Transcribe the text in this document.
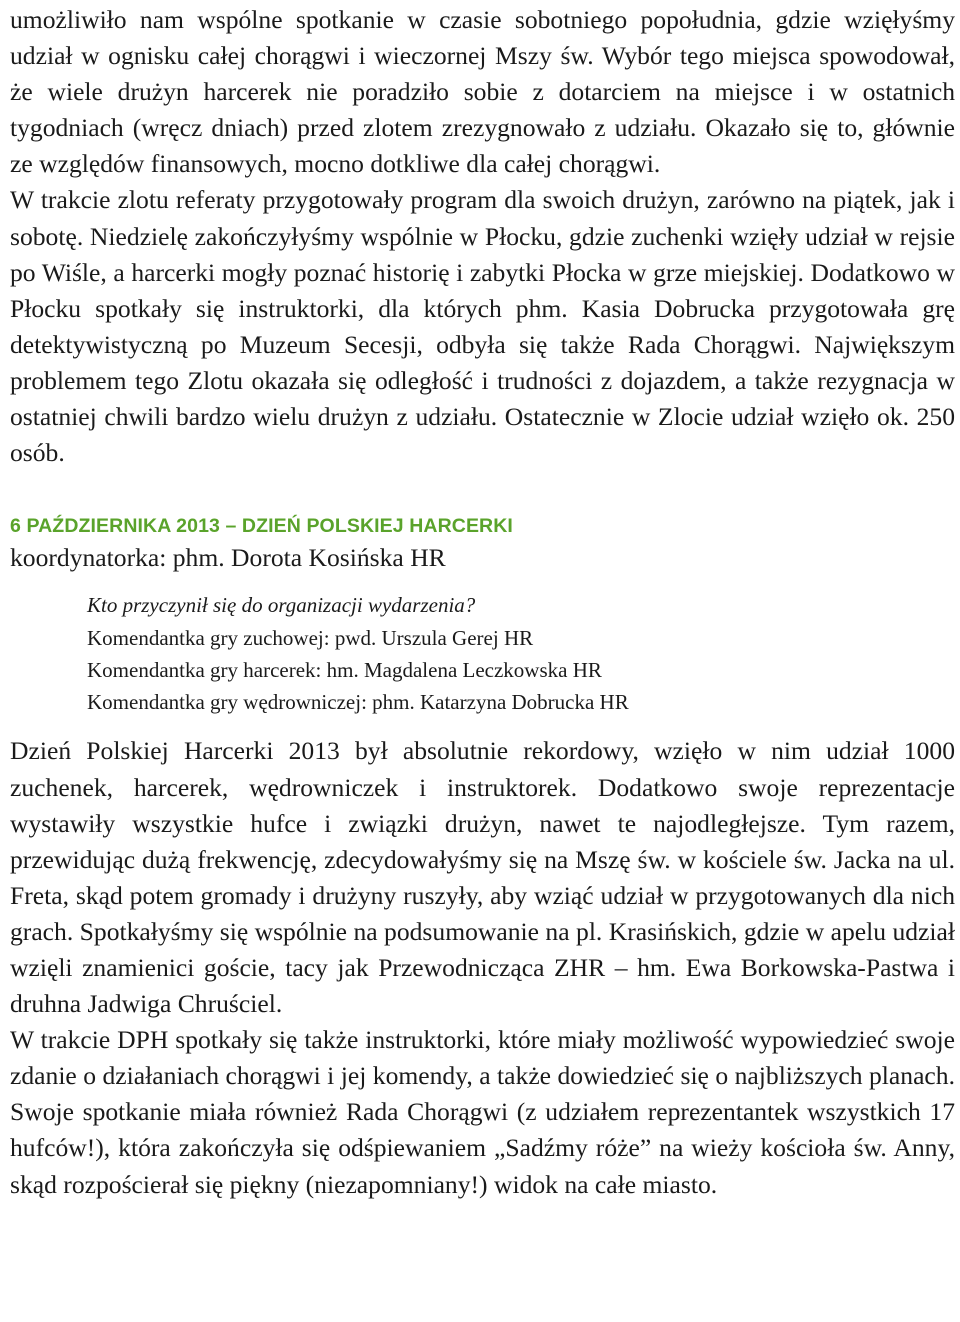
umożliwiło nam wspólne spotkanie w czasie sobotniego popołudnia, gdzie wzięłyśmy udział w ognisku całej chorągwi i wieczornej Mszy św. Wybór tego miejsca spowodował, że wiele drużyn harcerek nie poradziło sobie z dotarciem na miejsce i w ostatnich tygodniach (wręcz dniach) przed zlotem zrezygnowało z udziału. Okazało się to, głównie ze względów finansowych, mocno dotkliwe dla całej chorągwi.

W trakcie zlotu referaty przygotowały program dla swoich drużyn, zarówno na piątek, jak i sobotę. Niedzielę zakończyłyśmy wspólnie w Płocku, gdzie zuchenki wzięły udział w rejsie po Wiśle, a harcerki mogły poznać historię i zabytki Płocka w grze miejskiej. Dodatkowo w Płocku spotkały się instruktorki, dla których phm. Kasia Dobrucka przygotowała grę detektywistyczną po Muzeum Secesji, odbyła się także Rada Chorągwi. Największym problemem tego Zlotu okazała się odległość i trudności z dojazdem, a także rezygnacja w ostatniej chwili bardzo wielu drużyn z udziału. Ostatecznie w Zlocie udział wzięło ok. 250 osób.

6 PAŹDZIERNIKA 2013 – DZIEŃ POLSKIEJ HARCERKI

koordynatorka: phm. Dorota Kosińska HR

Kto przyczynił się do organizacji wydarzenia?
Komendantka gry zuchowej: pwd. Urszula Gerej HR
Komendantka gry harcerek: hm. Magdalena Leczkowska HR
Komendantka gry wędrowniczej: phm. Katarzyna Dobrucka HR

Dzień Polskiej Harcerki 2013 był absolutnie rekordowy, wzięło w nim udział 1000 zuchenek, harcerek, wędrowniczek i instruktorek. Dodatkowo swoje reprezentacje wystawiły wszystkie hufce i związki drużyn, nawet te najodległejsze. Tym razem, przewidując dużą frekwencję, zdecydowałyśmy się na Mszę św. w kościele św. Jacka na ul. Freta, skąd potem gromady i drużyny ruszyły, aby wziąć udział w przygotowanych dla nich grach. Spotkałyśmy się wspólnie na podsumowanie na pl. Krasińskich, gdzie w apelu udział wzięli znamienici goście, tacy jak Przewodnicząca ZHR – hm. Ewa Borkowska-Pastwa i druhna Jadwiga Chruściel.

W trakcie DPH spotkały się także instruktorki, które miały możliwość wypowiedzieć swoje zdanie o działaniach chorągwi i jej komendy, a także dowiedzieć się o najbliższych planach. Swoje spotkanie miała również Rada Chorągwi (z udziałem reprezentantek wszystkich 17 hufców!), która zakończyła się odśpiewaniem „Sadźmy róże” na wieży kościoła św. Anny, skąd rozpościerał się piękny (niezapomniany!) widok na całe miasto.
